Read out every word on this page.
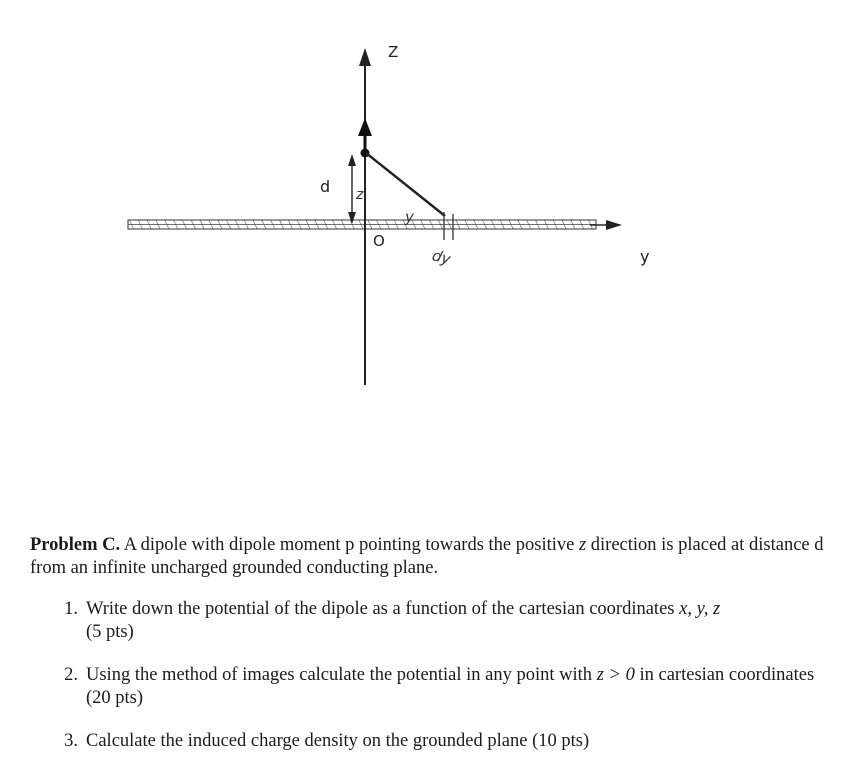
Z
y
d
O
z
y
dy

Problem C. A dipole with dipole moment p pointing towards the positive z direction is placed at distance d from an infinite uncharged grounded conducting plane.

1. Write down the potential of the dipole as a function of the cartesian coordinates x, y, z
(5 pts)
2. Using the method of images calculate the potential in any point with z > 0 in cartesian coordinates (20 pts)
3. Calculate the induced charge density on the grounded plane (10 pts)
